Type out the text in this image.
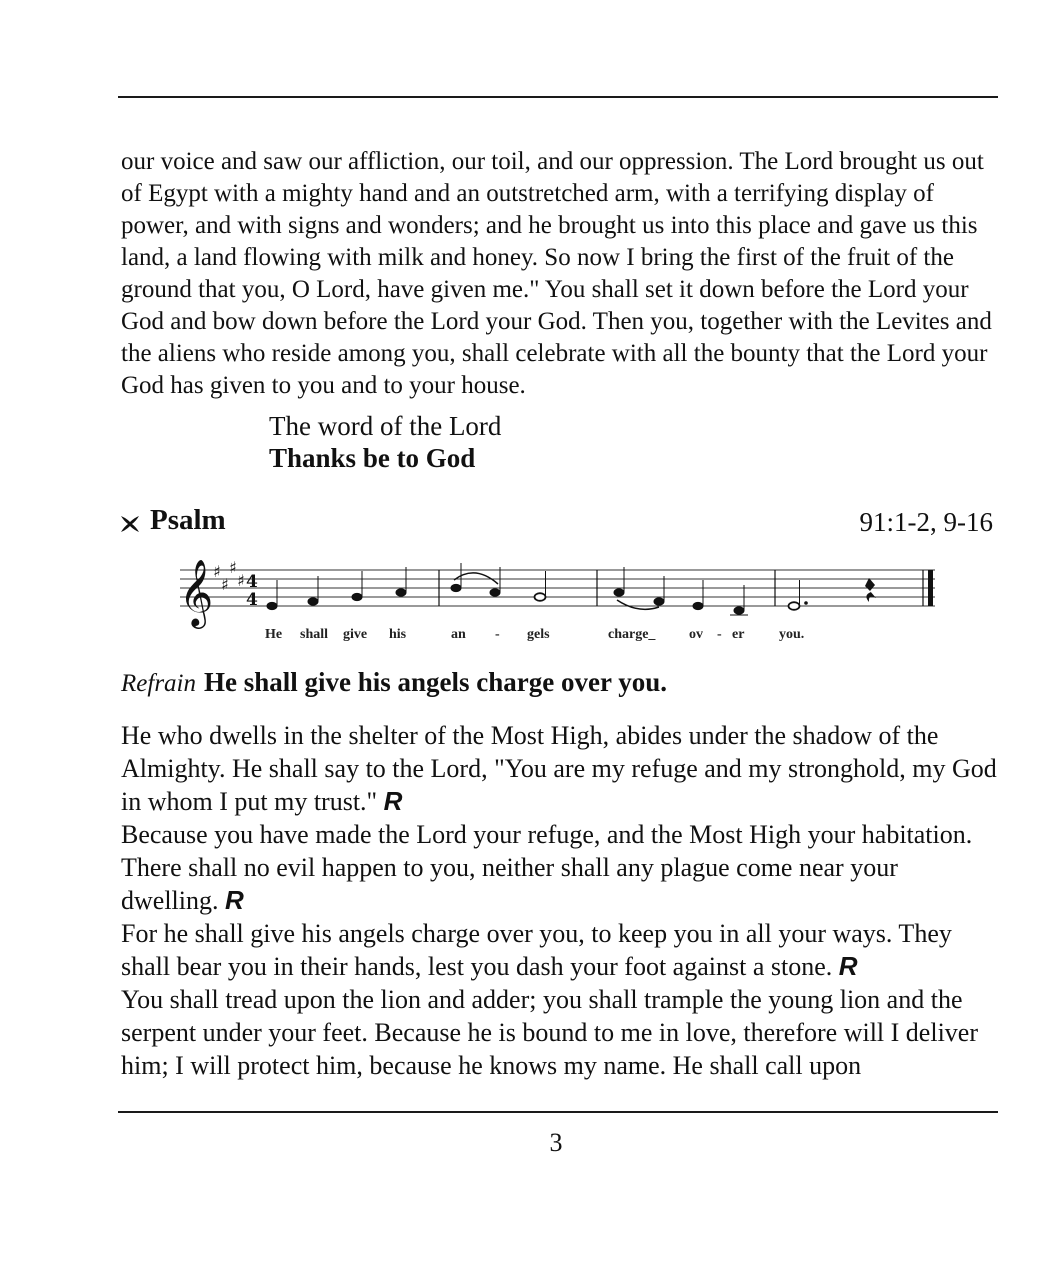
our voice and saw our affliction, our toil, and our oppression. The Lord brought us out of Egypt with a mighty hand and an outstretched arm, with a terrifying display of power, and with signs and wonders; and he brought us into this place and gave us this land, a land flowing with milk and honey. So now I bring the first of the fruit of the ground that you, O Lord, have given me." You shall set it down before the Lord your God and bow down before the Lord your God. Then you, together with the Levites and the aliens who reside among you, shall celebrate with all the bounty that the Lord your God has given to you and to your house.

The word of the Lord

Thanks be to God

Psalm	91:1-2, 9-16
𝄞 ♯
♯
♯
♯ 4
4
He shall give his	an - gels	charge_ ov - er you.
Refrain He shall give his angels charge over you.

He who dwells in the shelter of the Most High, abides under the shadow of the Almighty. He shall say to the Lord, "You are my refuge and my stronghold, my God in whom I put my trust." R

Because you have made the Lord your refuge, and the Most High your habitation. There shall no evil happen to you, neither shall any plague come near your dwelling. R

For he shall give his angels charge over you, to keep you in all your ways. They shall bear you in their hands, lest you dash your foot against a stone. R

You shall tread upon the lion and adder; you shall trample the young lion and the serpent under your feet. Because he is bound to me in love, therefore will I deliver him; I will protect him, because he knows my name. He shall call upon

3
